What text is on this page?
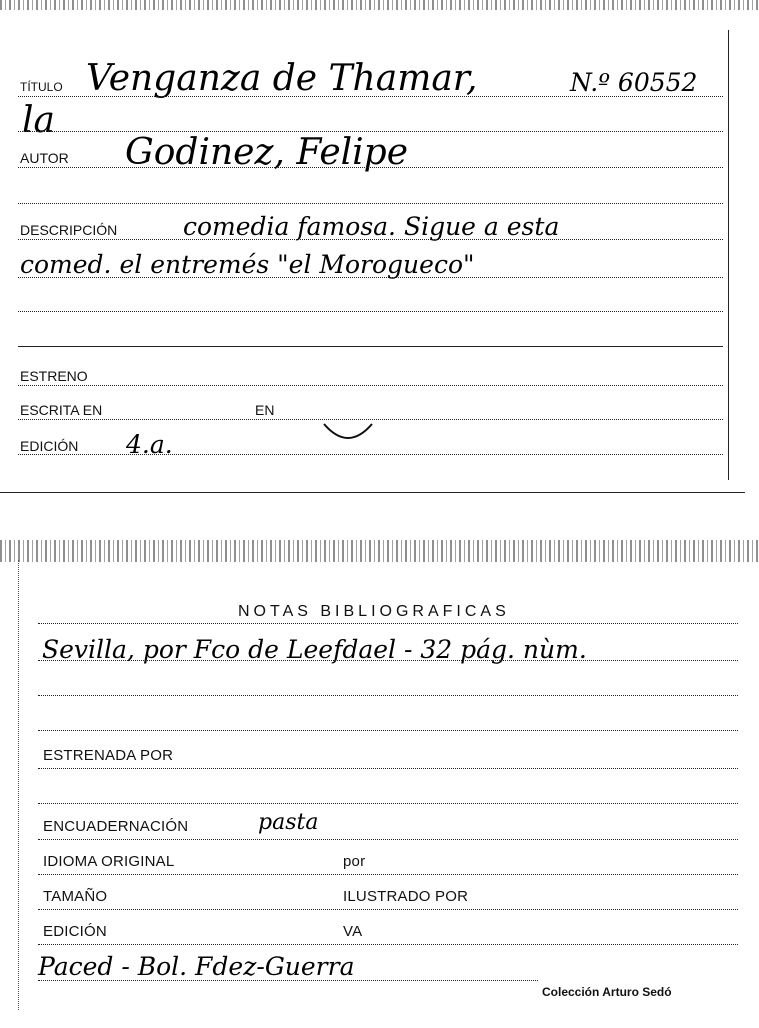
TÍTULO Venganza de Thamar,	N.º 60552
la
AUTOR Godinez, Felipe
DESCRIPCIÓN	comedia famosa. Sigue a esta
comed. el entremés "el Morogueco"
ESTRENO
ESCRITA EN	EN
EDICIÓN 4.a.
NOTAS BIBLIOGRAFICAS
Sevilla, por Fco de Leefdael - 32 pág. nùm.
ESTRENADA POR
ENCUADERNACIÓN	pasta
IDIOMA ORIGINAL	por
TAMAÑO	ILUSTRADO POR
EDICIÓN	VA
Paced - Bol. Fdez-Guerra
Colección Arturo Sedó
